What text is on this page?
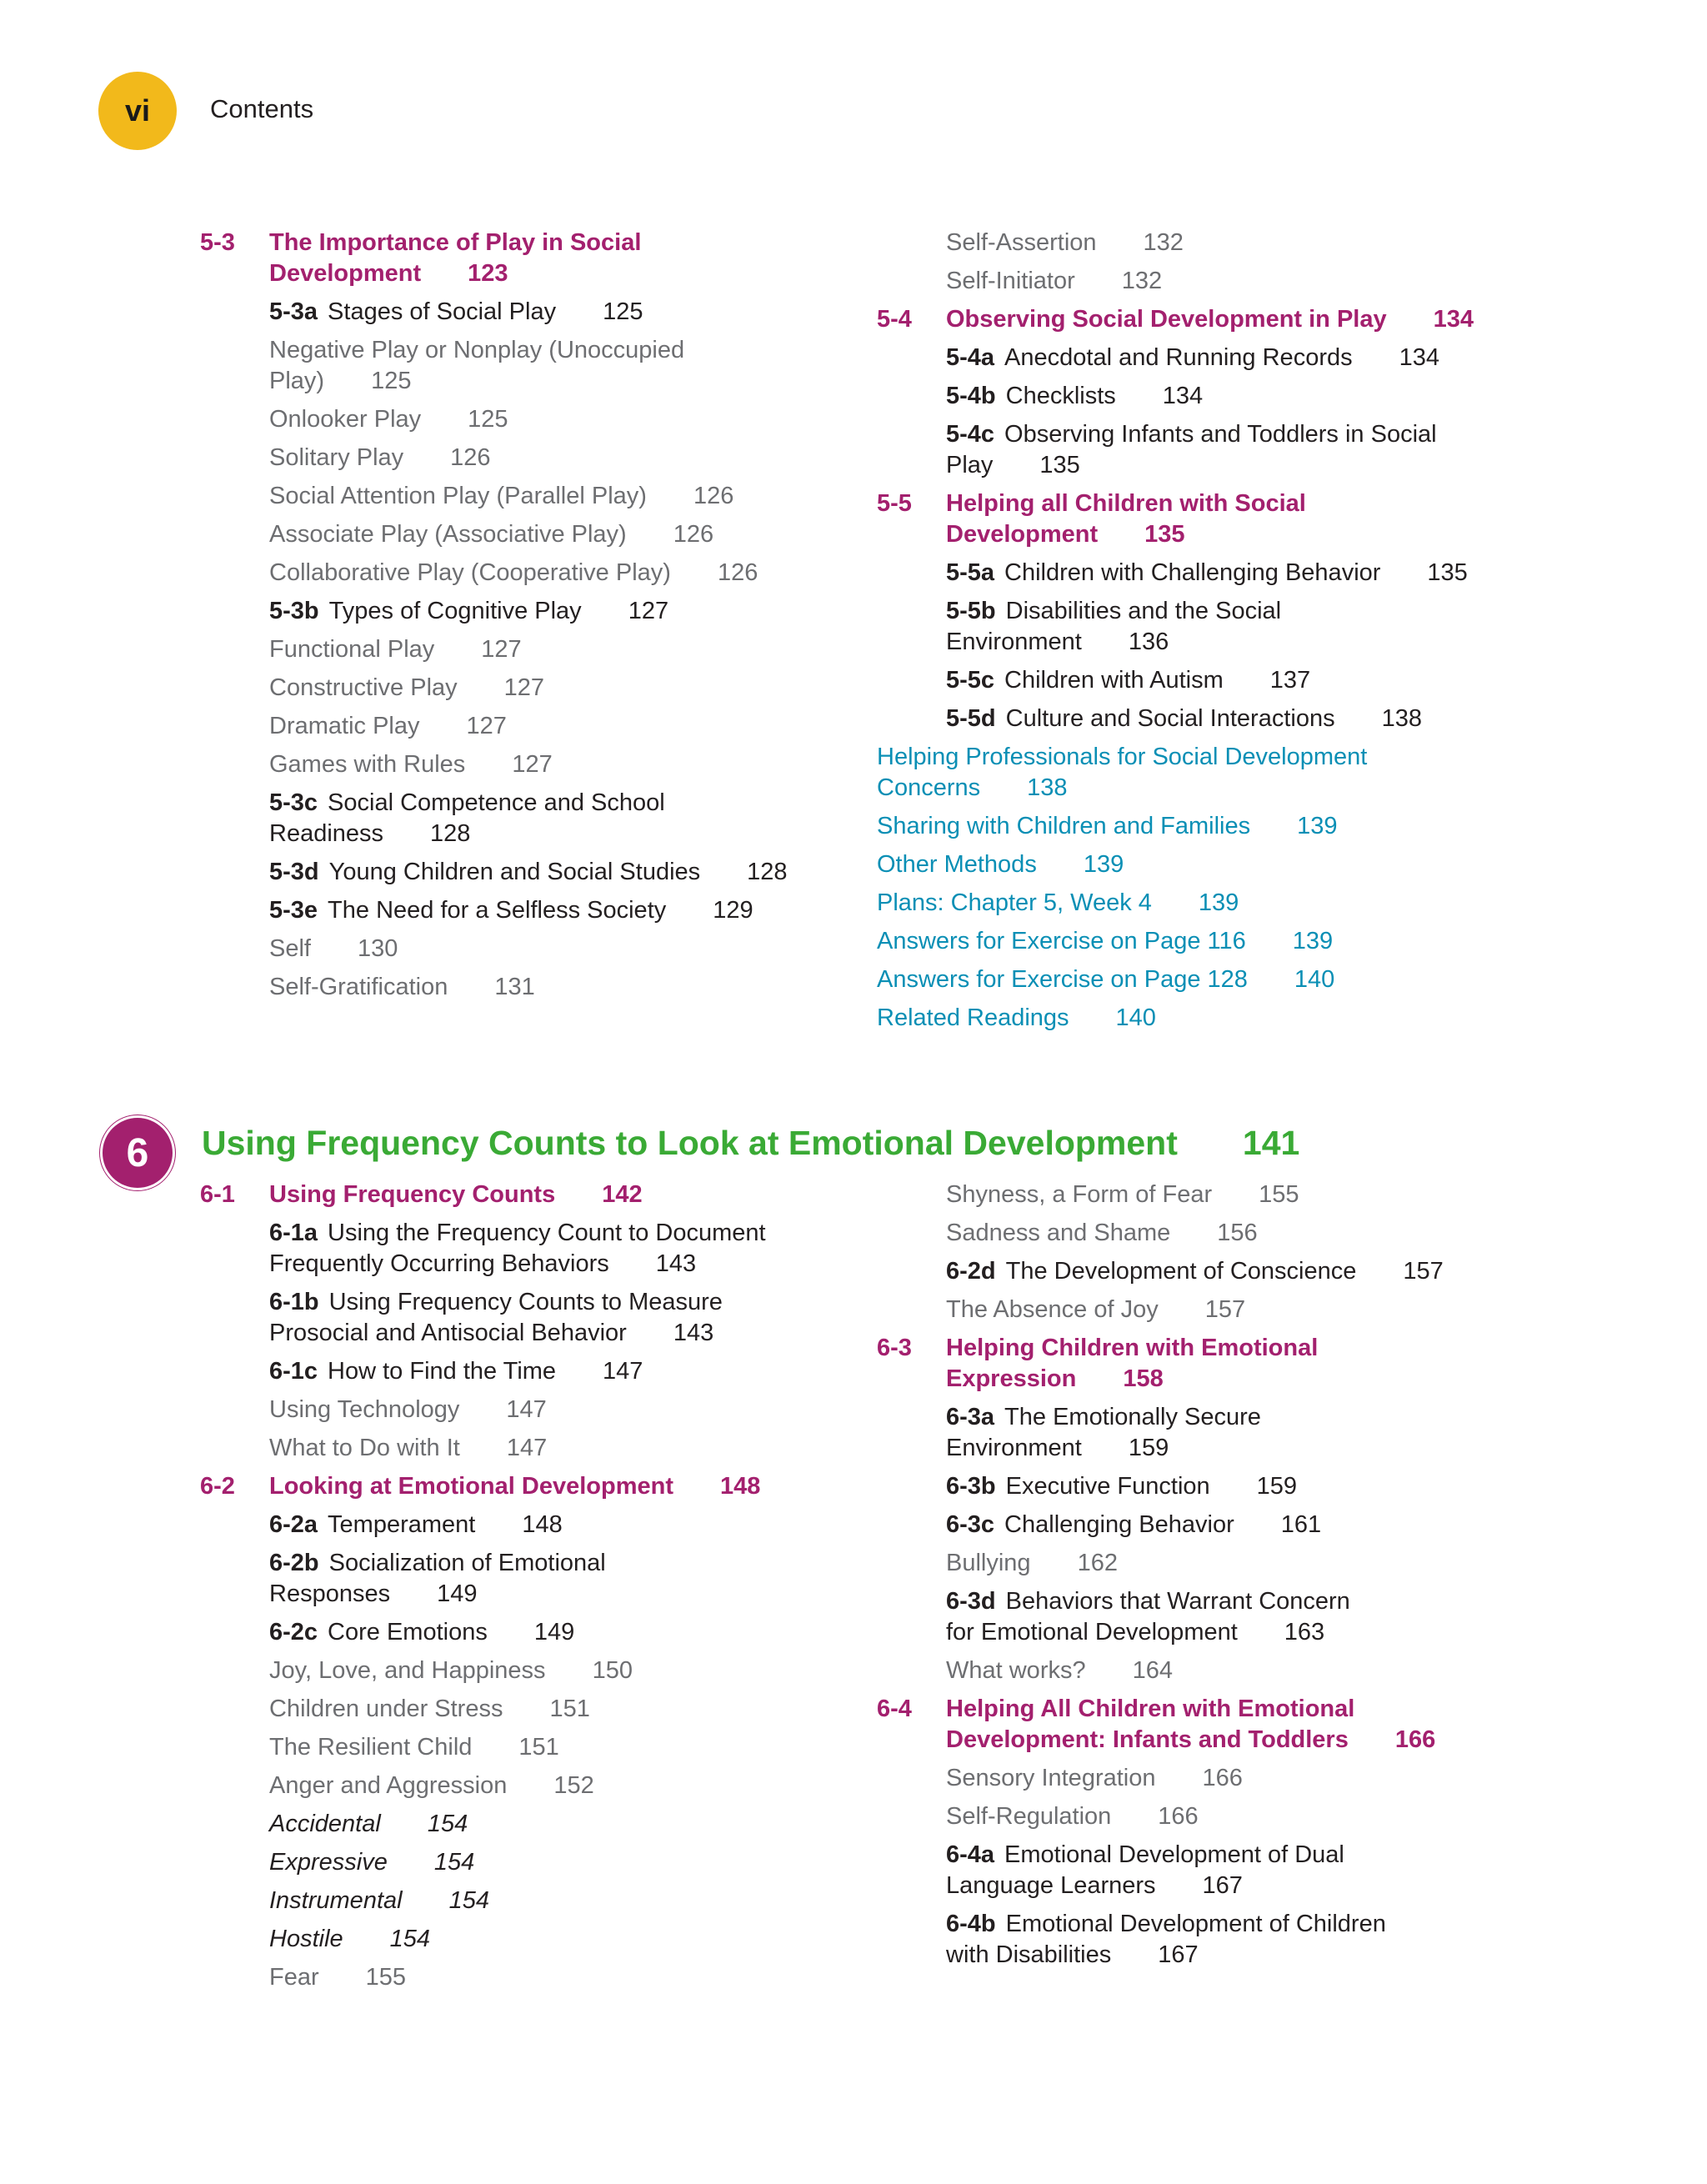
vi Contents
5-3 The Importance of Play in Social
Development 123
5-3a Stages of Social Play 125
Negative Play or Nonplay (Unoccupied
Play) 125
Onlooker Play 125
Solitary Play 126
Social Attention Play (Parallel Play) 126
Associate Play (Associative Play) 126
Collaborative Play (Cooperative Play) 126
5-3b Types of Cognitive Play 127
Functional Play 127
Constructive Play 127
Dramatic Play 127
Games with Rules 127
5-3c Social Competence and School
Readiness 128
5-3d Young Children and Social Studies 128
5-3e The Need for a Selfless Society 129
Self 130
Self-Gratification 131
Self-Assertion 132
Self-Initiator 132
5-4 Observing Social Development in Play 134
5-4a Anecdotal and Running Records 134
5-4b Checklists 134
5-4c Observing Infants and Toddlers in Social
Play 135
5-5 Helping all Children with Social
Development 135
5-5a Children with Challenging Behavior 135
5-5b Disabilities and the Social
Environment 136
5-5c Children with Autism 137
5-5d Culture and Social Interactions 138
Helping Professionals for Social Development
Concerns 138
Sharing with Children and Families 139
Other Methods 139
Plans: Chapter 5, Week 4 139
Answers for Exercise on Page 116 139
Answers for Exercise on Page 128 140
Related Readings 140
6 Using Frequency Counts to Look at Emotional Development 141
6-1 Using Frequency Counts 142
6-1a Using the Frequency Count to Document
Frequently Occurring Behaviors 143
6-1b Using Frequency Counts to Measure
Prosocial and Antisocial Behavior 143
6-1c How to Find the Time 147
Using Technology 147
What to Do with It 147
6-2 Looking at Emotional Development 148
6-2a Temperament 148
6-2b Socialization of Emotional
Responses 149
6-2c Core Emotions 149
Joy, Love, and Happiness 150
Children under Stress 151
The Resilient Child 151
Anger and Aggression 152
Accidental 154
Expressive 154
Instrumental 154
Hostile 154
Fear 155
Shyness, a Form of Fear 155
Sadness and Shame 156
6-2d The Development of Conscience 157
The Absence of Joy 157
6-3 Helping Children with Emotional
Expression 158
6-3a The Emotionally Secure
Environment 159
6-3b Executive Function 159
6-3c Challenging Behavior 161
Bullying 162
6-3d Behaviors that Warrant Concern
for Emotional Development 163
What works? 164
6-4 Helping All Children with Emotional
Development: Infants and Toddlers 166
Sensory Integration 166
Self-Regulation 166
6-4a Emotional Development of Dual
Language Learners 167
6-4b Emotional Development of Children
with Disabilities 167
